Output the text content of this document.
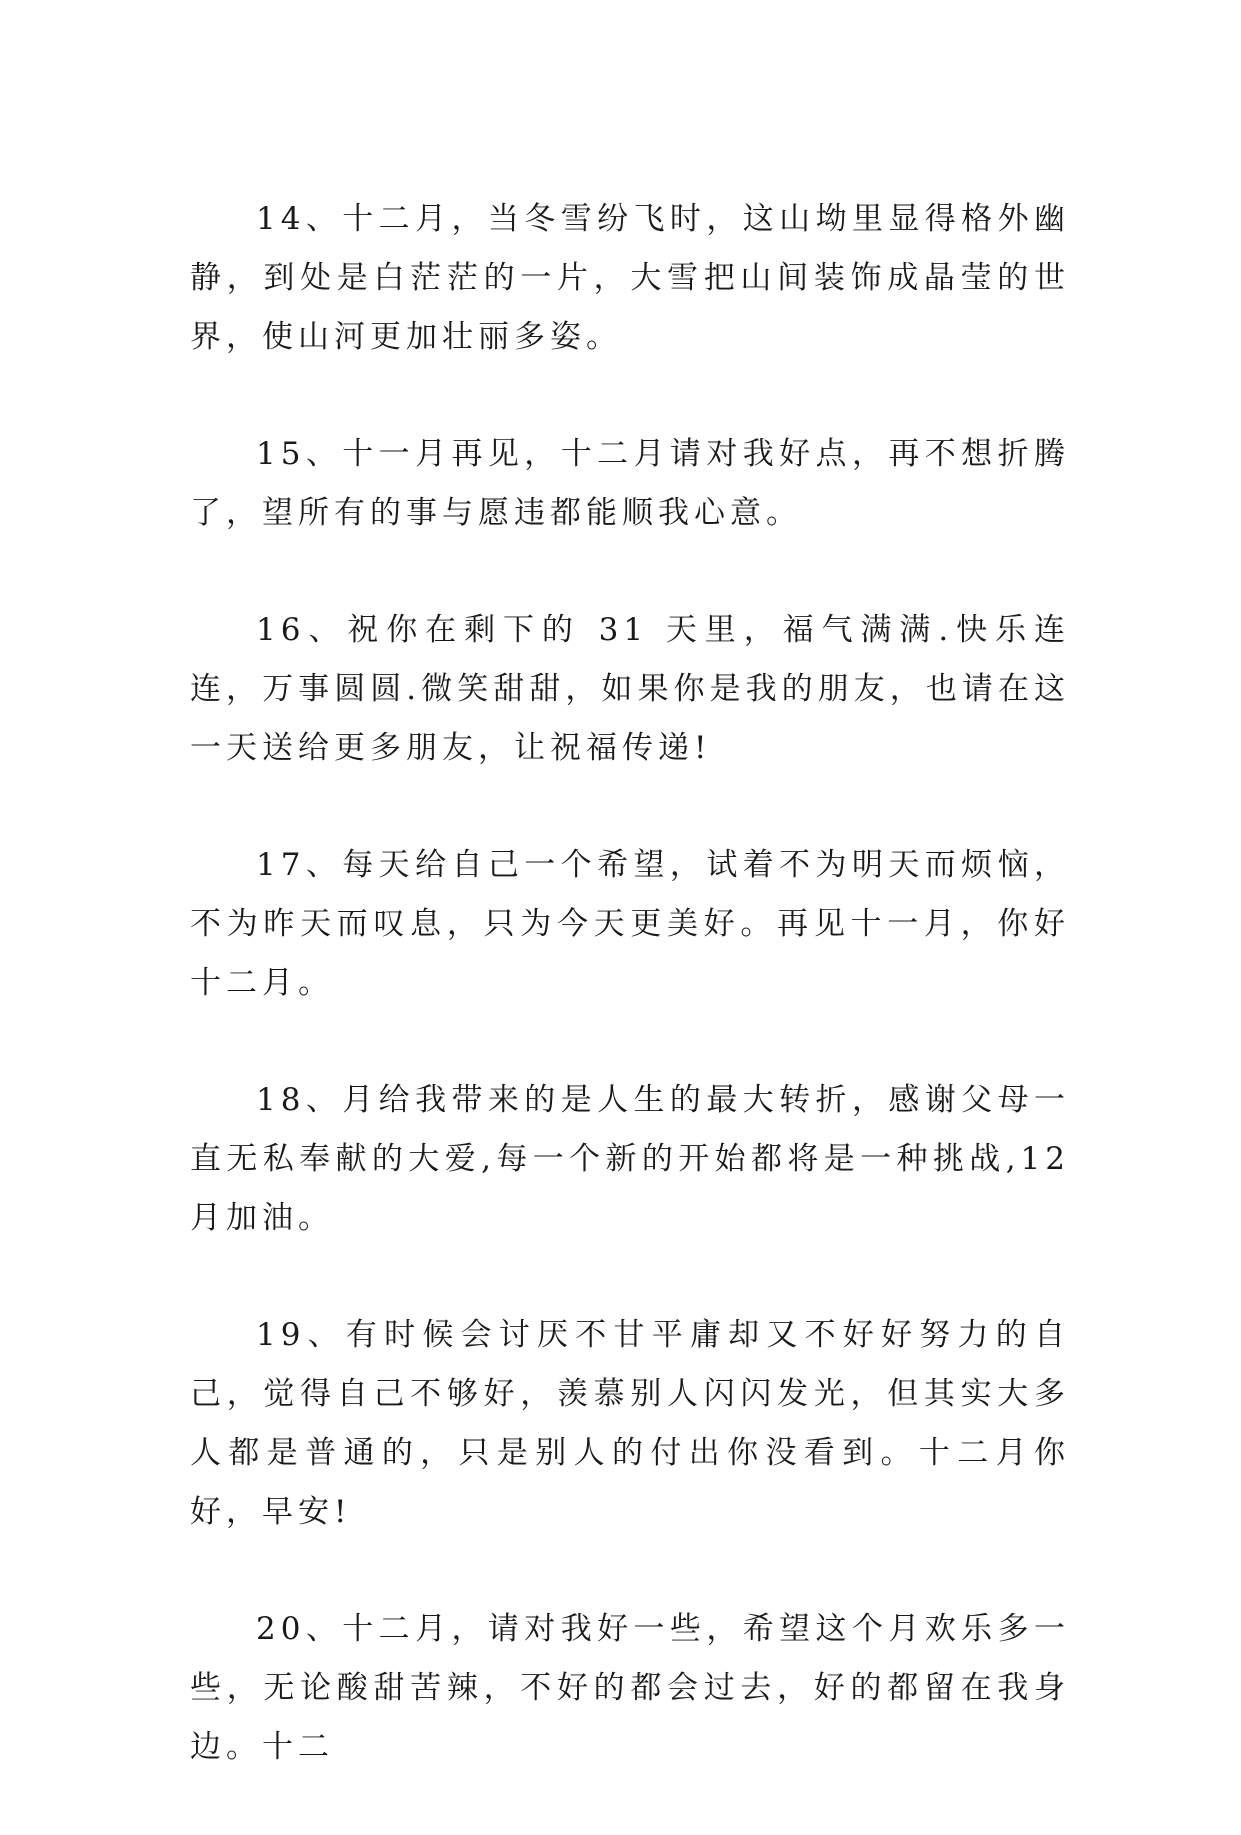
14、十二月，当冬雪纷飞时，这山坳里显得格外幽静，到处是白茫茫的一片，大雪把山间装饰成晶莹的世界，使山河更加壮丽多姿。

15、十一月再见，十二月请对我好点，再不想折腾了，望所有的事与愿违都能顺我心意。

16、祝你在剩下的 31 天里，福气满满.快乐连连，万事圆圆.微笑甜甜，如果你是我的朋友，也请在这一天送给更多朋友，让祝福传递!

17、每天给自己一个希望，试着不为明天而烦恼，不为昨天而叹息，只为今天更美好。再见十一月，你好十二月。

18、月给我带来的是人生的最大转折，感谢父母一直无私奉献的大爱,每一个新的开始都将是一种挑战,12 月加油。

19、有时候会讨厌不甘平庸却又不好好努力的自己，觉得自己不够好，羡慕别人闪闪发光，但其实大多人都是普通的，只是别人的付出你没看到。十二月你好，早安!

20、十二月，请对我好一些，希望这个月欢乐多一些，无论酸甜苦辣，不好的都会过去，好的都留在我身边。十二
